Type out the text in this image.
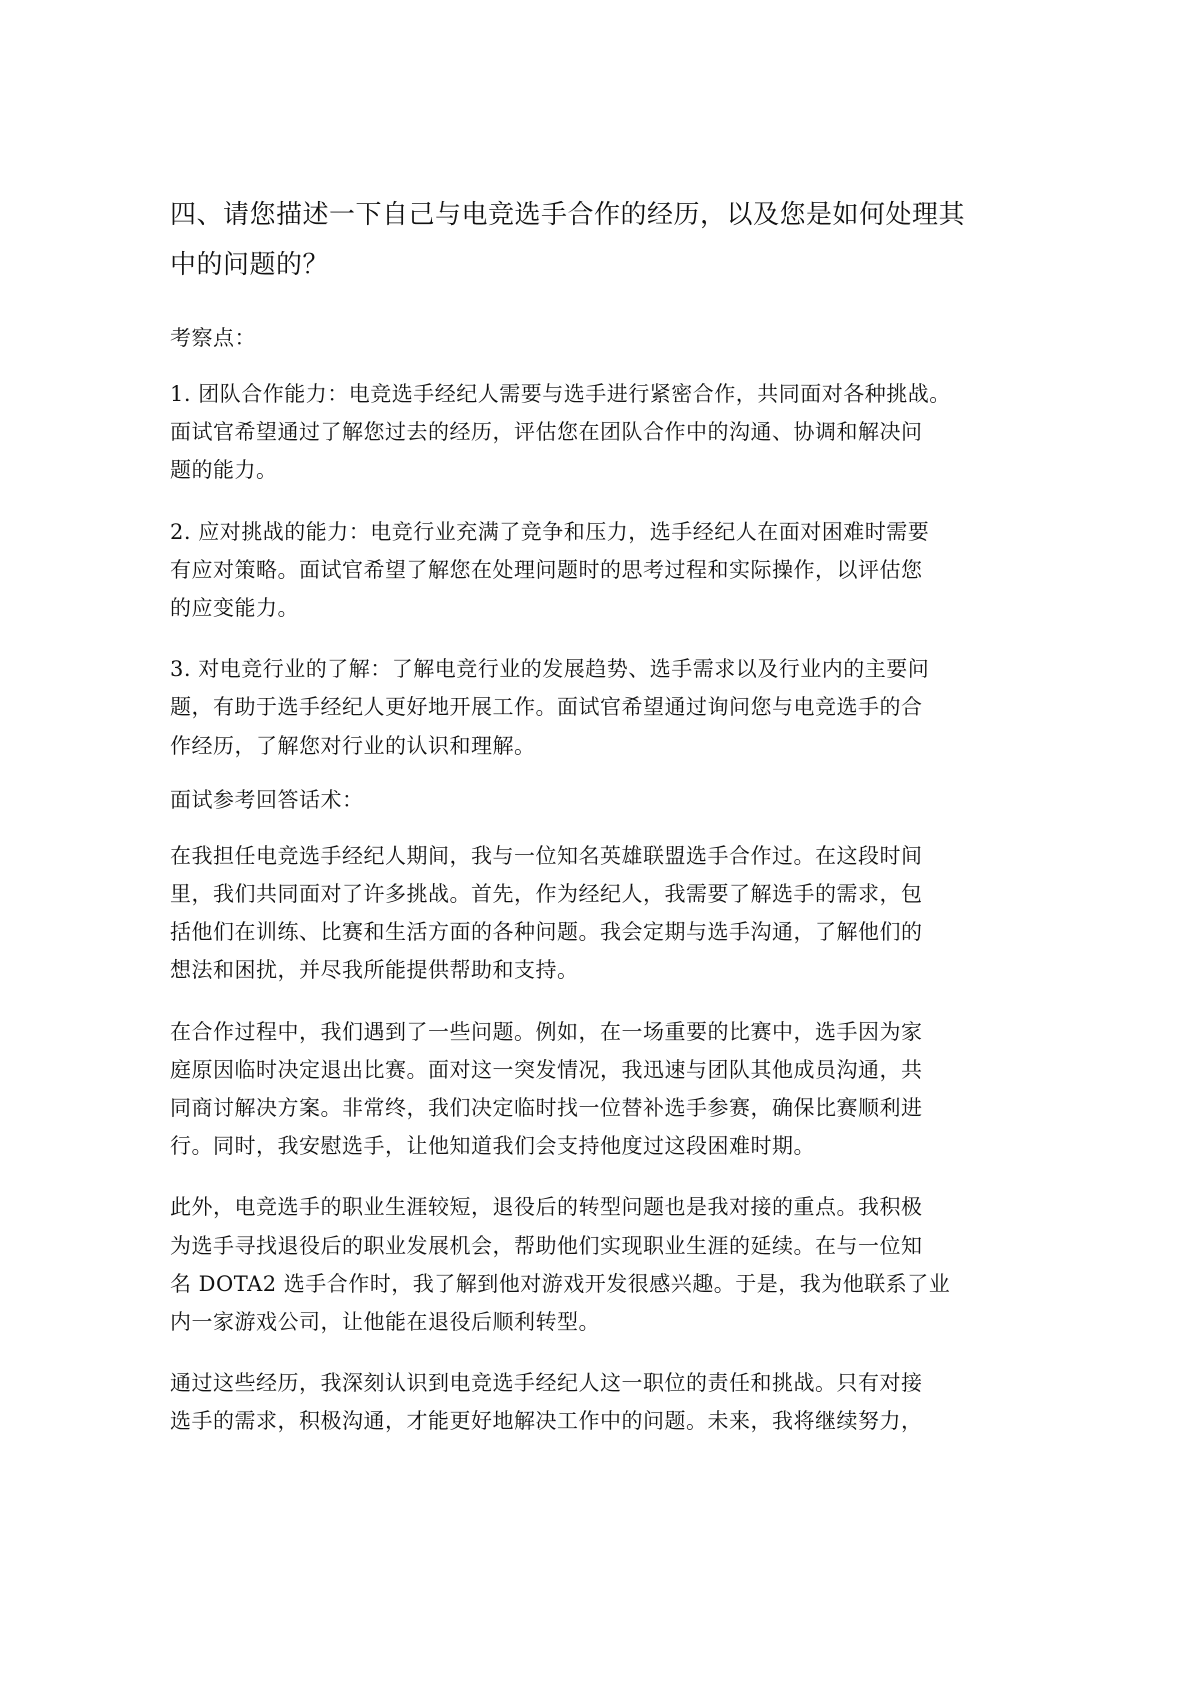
四、请您描述一下自己与电竞选手合作的经历，以及您是如何处理其
中的问题的？

考察点：

1. 团队合作能力：电竞选手经纪人需要与选手进行紧密合作，共同面对各种挑战。
面试官希望通过了解您过去的经历，评估您在团队合作中的沟通、协调和解决问
题的能力。

2. 应对挑战的能力：电竞行业充满了竞争和压力，选手经纪人在面对困难时需要
有应对策略。面试官希望了解您在处理问题时的思考过程和实际操作，以评估您
的应变能力。

3. 对电竞行业的了解：了解电竞行业的发展趋势、选手需求以及行业内的主要问
题，有助于选手经纪人更好地开展工作。面试官希望通过询问您与电竞选手的合
作经历，了解您对行业的认识和理解。

面试参考回答话术：

在我担任电竞选手经纪人期间，我与一位知名英雄联盟选手合作过。在这段时间
里，我们共同面对了许多挑战。首先，作为经纪人，我需要了解选手的需求，包
括他们在训练、比赛和生活方面的各种问题。我会定期与选手沟通，了解他们的
想法和困扰，并尽我所能提供帮助和支持。

在合作过程中，我们遇到了一些问题。例如，在一场重要的比赛中，选手因为家
庭原因临时决定退出比赛。面对这一突发情况，我迅速与团队其他成员沟通，共
同商讨解决方案。非常终，我们决定临时找一位替补选手参赛，确保比赛顺利进
行。同时，我安慰选手，让他知道我们会支持他度过这段困难时期。

此外，电竞选手的职业生涯较短，退役后的转型问题也是我对接的重点。我积极
为选手寻找退役后的职业发展机会，帮助他们实现职业生涯的延续。在与一位知
名 DOTA2 选手合作时，我了解到他对游戏开发很感兴趣。于是，我为他联系了业
内一家游戏公司，让他能在退役后顺利转型。

通过这些经历，我深刻认识到电竞选手经纪人这一职位的责任和挑战。只有对接
选手的需求，积极沟通，才能更好地解决工作中的问题。未来，我将继续努力，
